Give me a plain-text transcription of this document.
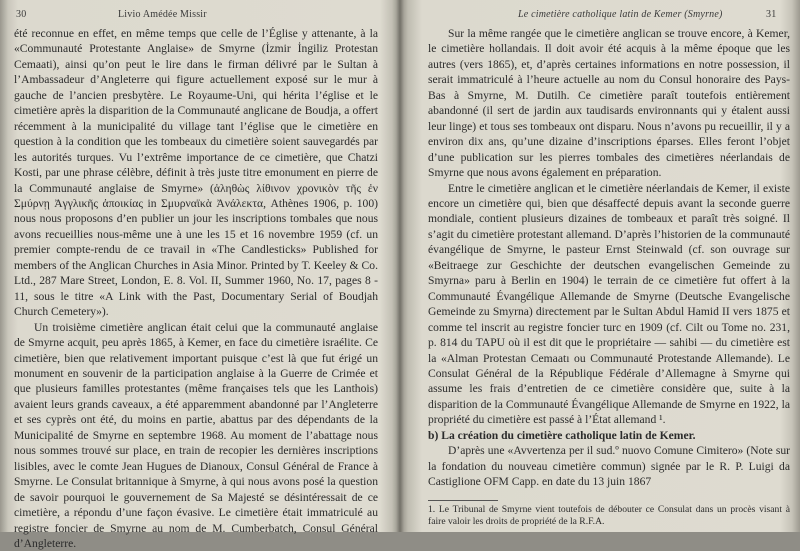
30	Livio Amédée Missir

été reconnue en effet, en même temps que celle de l’Église y attenante, à la «Communauté Protestante Anglaise» de Smyrne (İzmir İngiliz Protestan Cemaati), ainsi qu’on peut le lire dans le firman délivré par le Sultan à l’Ambassadeur d’Angleterre qui figure actuellement exposé sur le mur à gauche de l’ancien presbytère. Le Royaume-Uni, qui hérita l’église et le cimetière après la disparition de la Communauté anglicane de Boudja, a offert récemment à la municipalité du village tant l’église que le cimetière en question à la condition que les tombeaux du cimetière soient sauvegardés par les autorités turques. Vu l’extrême importance de ce cimetière, que Chatzi Kosti, par une phrase célèbre, définit à très juste titre emonument en pierre de la Communauté anglaise de Smyrne» (ἀληθὼς λίθινον χρονικὸν τῆς ἐν Σμύρνῃ Ἀγγλικῆς ἀποικίας in Σμυρναϊκὰ Ἀνάλεκτα, Athènes 1906, p. 100) nous nous proposons d’en publier un jour les inscriptions tombales que nous avons recueillies nous-même une à une les 15 et 16 novembre 1959 (cf. un premier compte-rendu de ce travail in «The Candlesticks» Published for members of the Anglican Churches in Asia Minor. Printed by T. Keeley & Co. Ltd., 287 Mare Street, London, E. 8. Vol. II, Summer 1960, No. 17, pages 8 - 11, sous le titre «A Link with the Past, Documentary Serial of Boudjah Church Cemetery»).

Un troisième cimetière anglican était celui que la communauté anglaise de Smyrne acquit, peu après 1865, à Kemer, en face du cimetière israélite. Ce cimetière, bien que relativement important puisque c’est là que fut érigé un monument en souvenir de la participation anglaise à la Guerre de Crimée et que plusieurs familles protestantes (même françaises tels que les Lanthois) avaient leurs grands caveaux, a été apparemment abandonné par l’Angleterre et ses cyprès ont été, du moins en partie, abattus par des dépendants de la Municipalité de Smyrne en septembre 1968. Au moment de l’abattage nous nous sommes trouvé sur place, en train de recopier les dernières inscriptions lisibles, avec le comte Jean Hugues de Dianoux, Consul Général de France à Smyrne. Le Consulat britannique à Smyrne, à qui nous avons posé la question de savoir pourquoi le gouvernement de Sa Majesté se désintéressait de ce cimetière, a répondu d’une façon évasive. Le cimetière était immatriculé au registre foncier de Smyrne au nom de M. Cumberbatch, Consul Général d’Angleterre.

Le cimetière catholique latin de Kemer (Smyrne)	31

Sur la même rangée que le cimetière anglican se trouve encore, à Kemer, le cimetière hollandais. Il doit avoir été acquis à la même époque que les autres (vers 1865), et, d’après certaines informations en notre possession, il serait immatriculé à l’heure actuelle au nom du Consul honoraire des Pays-Bas à Smyrne, M. Dutilh. Ce cimetière paraît toutefois entièrement abandonné (il sert de jardin aux taudisards environnants qui y étalent aussi leur linge) et tous ses tombeaux ont disparu. Nous n’avons pu recueillir, il y a environ dix ans, qu’une dizaine d’inscriptions éparses. Elles feront l’objet d’une publication sur les pierres tombales des cimetières néerlandais de Smyrne que nous avons également en préparation.

Entre le cimetière anglican et le cimetière néerlandais de Kemer, il existe encore un cimetière qui, bien que désaffecté depuis avant la seconde guerre mondiale, contient plusieurs dizaines de tombeaux et paraît très soigné. Il s’agit du cimetière protestant allemand. D’après l’historien de la communauté évangélique de Smyrne, le pasteur Ernst Steinwald (cf. son ouvrage sur «Beitraege zur Geschichte der deutschen evangelischen Gemeinde zu Smyrna» paru à Berlin en 1904) le terrain de ce cimetière fut offert à la Communauté Évangélique Allemande de Smyrne (Deutsche Evangelische Gemeinde zu Smyrna) directement par le Sultan Abdul Hamid II vers 1875 et comme tel inscrit au registre foncier turc en 1909 (cf. Cilt ou Tome no. 231, p. 814 du TAPU où il est dit que le propriétaire — sahibi — du cimetière est la «Alman Protestan Cemaatı ou Communauté Protestande Allemande). Le Consulat Général de la République Fédérale d’Allemagne à Smyrne qui assume les frais d’entretien de ce cimetière considère que, suite à la disparition de la Communauté Évangélique Allemande de Smyrne en 1922, la propriété du cimetière est passé à l’État allemand ¹.

b) La création du cimetière catholique latin de Kemer.

D’après une «Avvertenza per il sud.º nuovo Comune Cimitero» (Note sur la fondation du nouveau cimetière commun) signée par le R. P. Luigi da Castiglione OFM Capp. en date du 13 juin 1867

1. Le Tribunal de Smyrne vient toutefois de débouter ce Consulat dans un procès visant à faire valoir les droits de propriété de la R.F.A.
